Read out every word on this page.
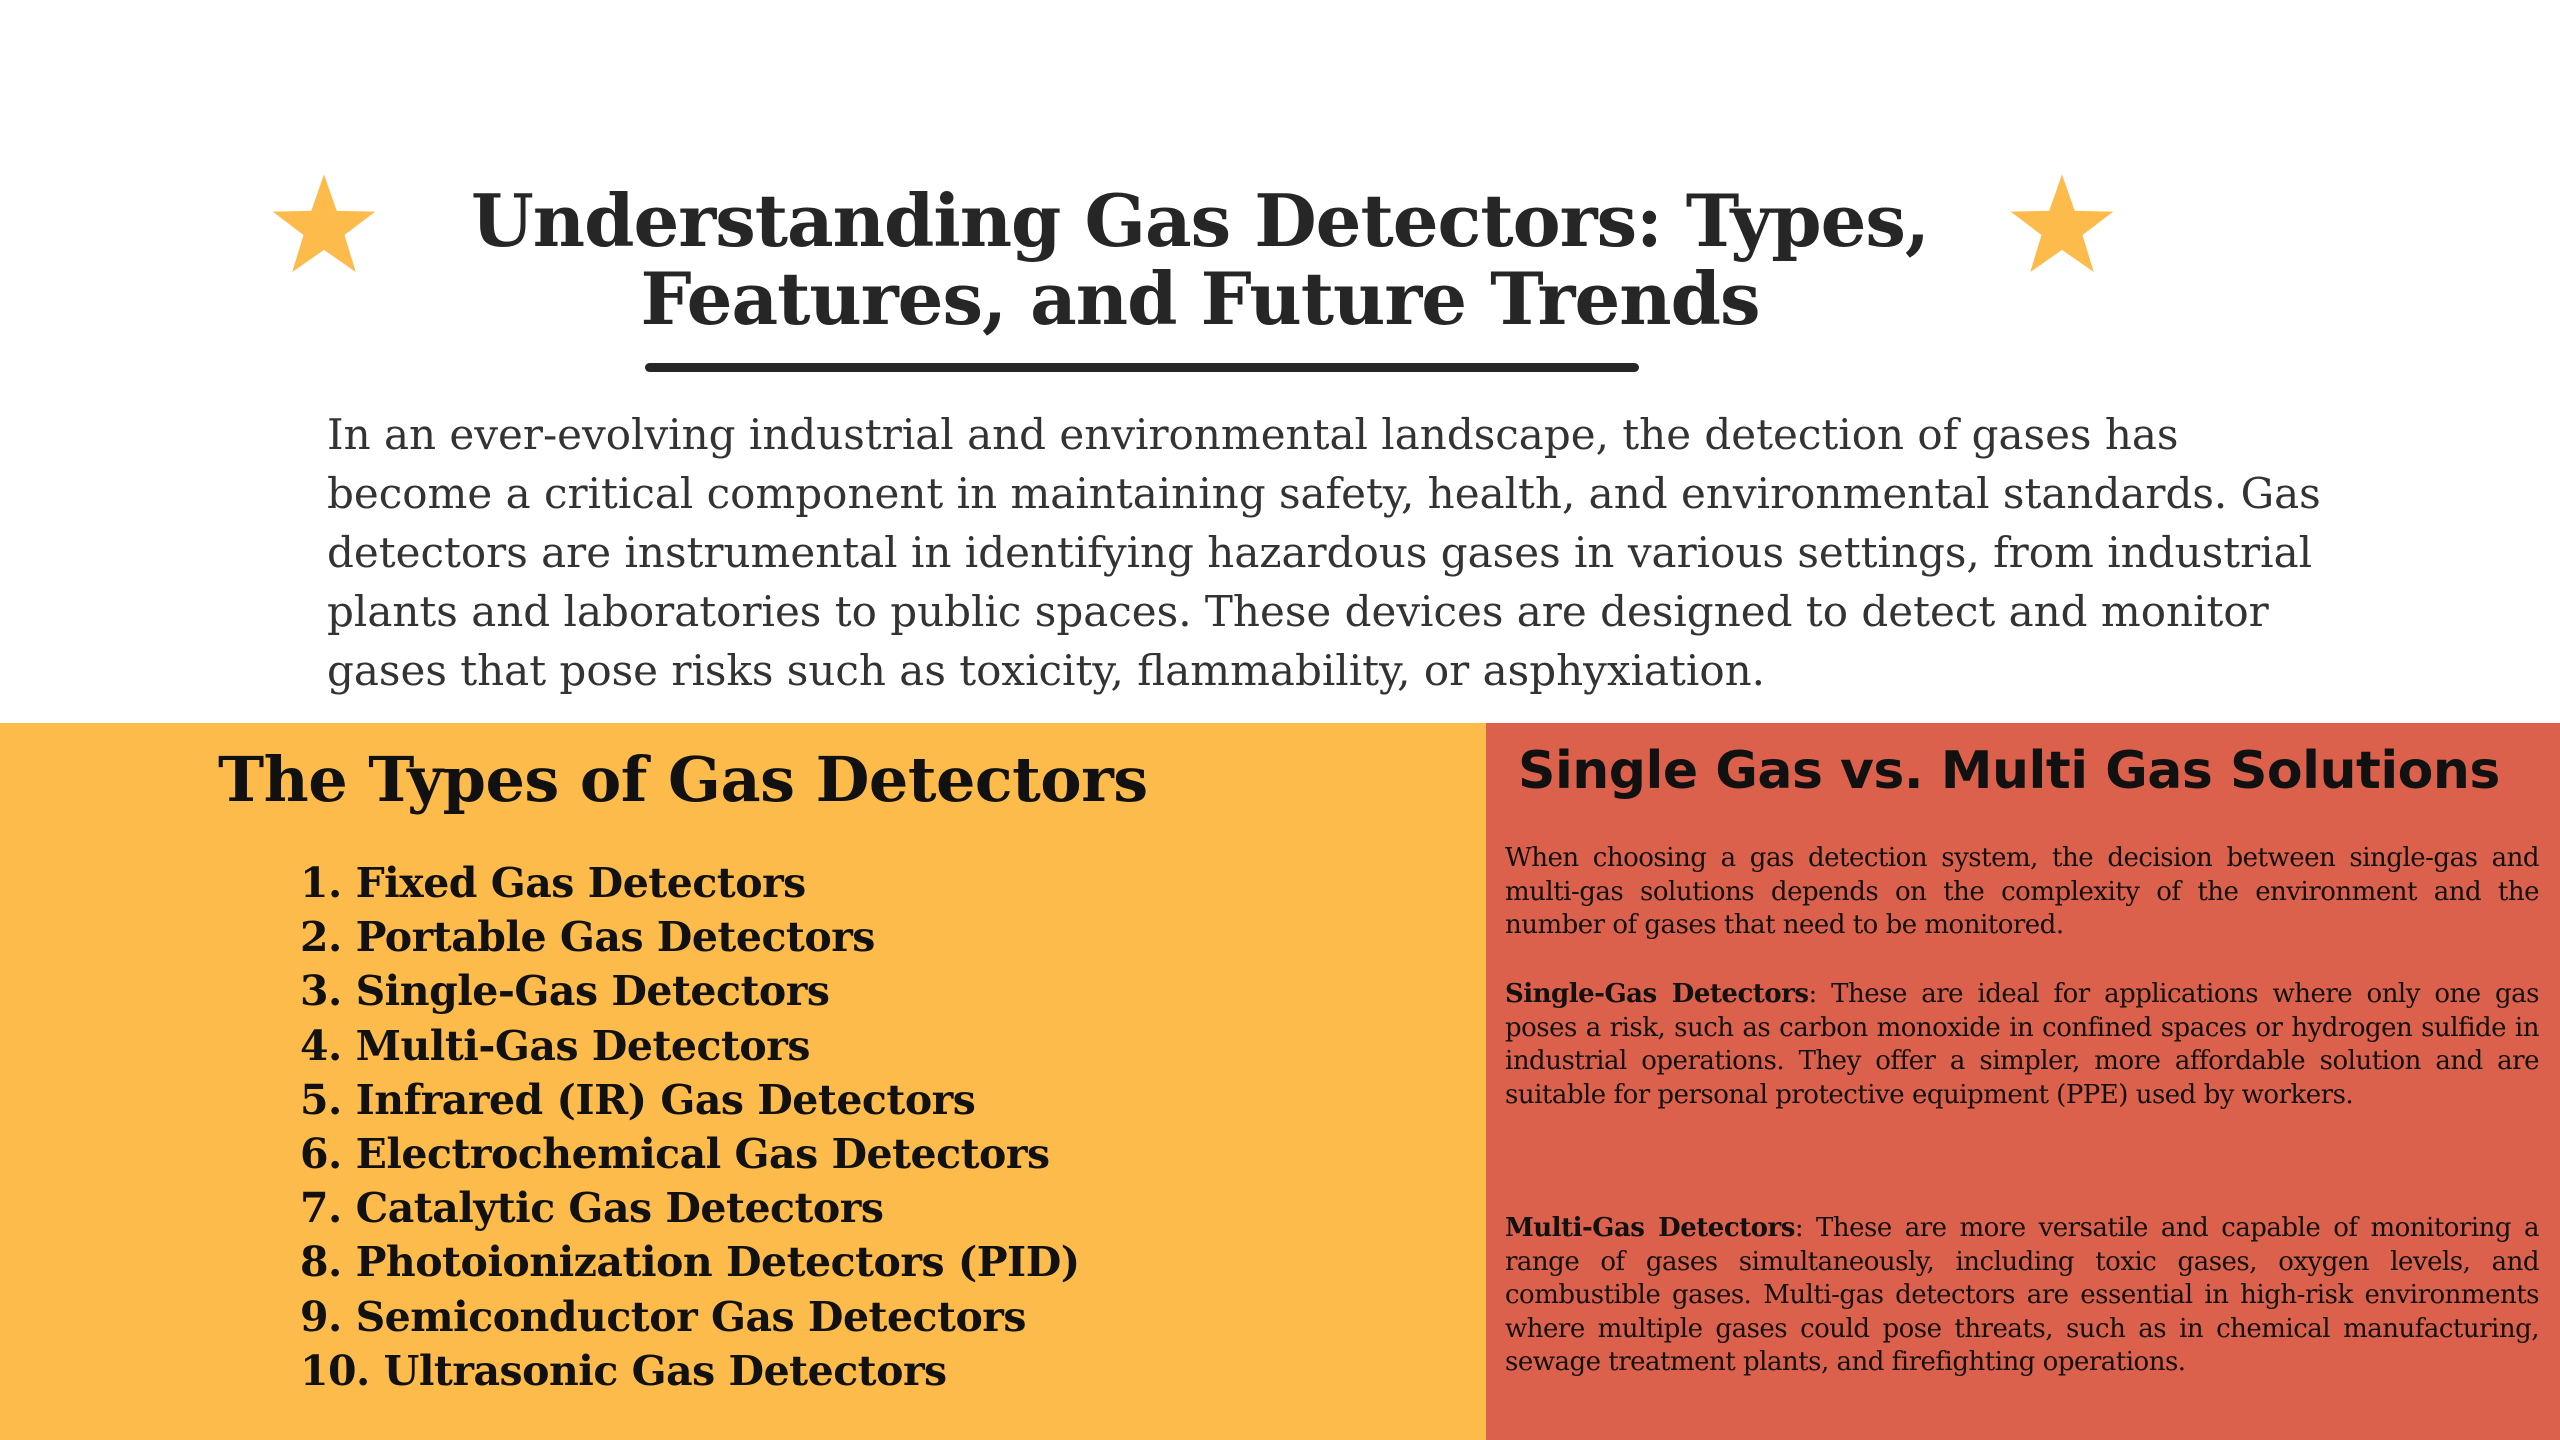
Understanding Gas Detectors: Types,
Features, and Future Trends

In an ever-evolving industrial and environmental landscape, the detection of gases has become a critical component in maintaining safety, health, and environmental standards. Gas detectors are instrumental in identifying hazardous gases in various settings, from industrial plants and laboratories to public spaces. These devices are designed to detect and monitor gases that pose risks such as toxicity, flammability, or asphyxiation.

The Types of Gas Detectors
1. Fixed Gas Detectors
2. Portable Gas Detectors
3. Single-Gas Detectors
4. Multi-Gas Detectors
5. Infrared (IR) Gas Detectors
6. Electrochemical Gas Detectors
7. Catalytic Gas Detectors
8. Photoionization Detectors (PID)
9. Semiconductor Gas Detectors
10. Ultrasonic Gas Detectors
Single Gas vs. Multi Gas Solutions

When choosing a gas detection system, the decision between single-gas and multi-gas solutions depends on the complexity of the environment and the number of gases that need to be monitored.

Single-Gas Detectors: These are ideal for applications where only one gas poses a risk, such as carbon monoxide in confined spaces or hydrogen sulfide in industrial operations. They offer a simpler, more affordable solution and are suitable for personal protective equipment (PPE) used by workers.

Multi-Gas Detectors: These are more versatile and capable of monitoring a range of gases simultaneously, including toxic gases, oxygen levels, and combustible gases. Multi-gas detectors are essential in high-risk environments where multiple gases could pose threats, such as in chemical manufacturing, sewage treatment plants, and firefighting operations.
